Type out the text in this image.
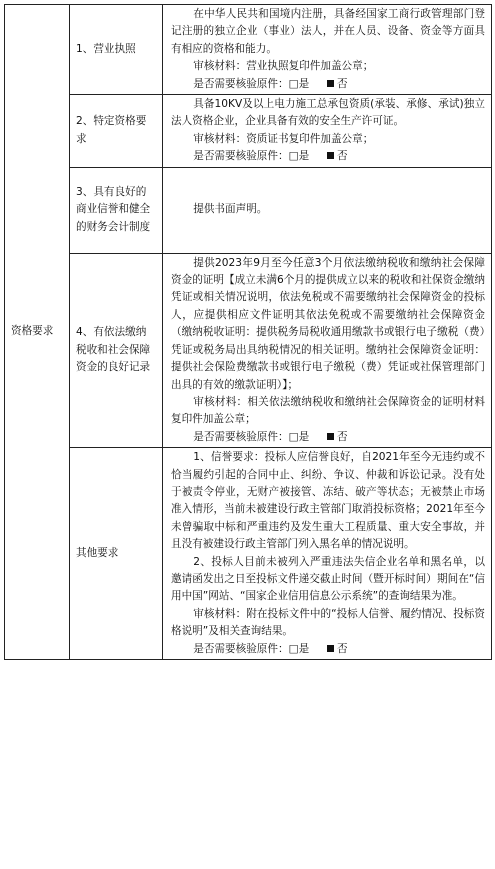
资格要求	1、营业执照	在中华人民共和国境内注册，具备经国家工商行政管理部门登记注册的独立企业（事业）法人，并在人员、设备、资金等方面具有相应的资格和能力。

审核材料：营业执照复印件加盖公章；

是否需要核验原件：□是 否

	2、特定资格要求	具备10KV及以上电力施工总承包资质(承装、承修、承试)独立法人资格企业，企业具备有效的安全生产许可证。

审核材料：资质证书复印件加盖公章；

是否需要核验原件：□是 否

	3、具有良好的商业信誉和健全的财务会计制度	提供书面声明。

	4、有依法缴纳税收和社会保障资金的良好记录	提供2023年9月至今任意3个月依法缴纳税收和缴纳社会保障资金的证明【成立未满6个月的提供成立以来的税收和社保资金缴纳凭证或相关情况说明，依法免税或不需要缴纳社会保障资金的投标人，应提供相应文件证明其依法免税或不需要缴纳社会保障资金（缴纳税收证明：提供税务局税收通用缴款书或银行电子缴税（费）凭证或税务局出具纳税情况的相关证明。缴纳社会保障资金证明：提供社会保险费缴款书或银行电子缴税（费）凭证或社保管理部门出具的有效的缴款证明）】；

审核材料：相关依法缴纳税收和缴纳社会保障资金的证明材料复印件加盖公章；

是否需要核验原件：□是 否

	其他要求	1、信誉要求：投标人应信誉良好，自2021年至今无违约或不恰当履约引起的合同中止、纠纷、争议、仲裁和诉讼记录。没有处于被责令停业，无财产被接管、冻结、破产等状态；无被禁止市场准入情形，当前未被建设行政主管部门取消投标资格；2021年至今未曾骗取中标和严重违约及发生重大工程质量、重大安全事故，并且没有被建设行政主管部门列入黑名单的情况说明。

2、投标人目前未被列入严重违法失信企业名单和黑名单，以邀请函发出之日至投标文件递交截止时间（暨开标时间）期间在“信用中国”网站、“国家企业信用信息公示系统”的查询结果为准。

审核材料：附在投标文件中的“投标人信誉、履约情况、投标资格说明”及相关查询结果。

是否需要核验原件：□是 否
